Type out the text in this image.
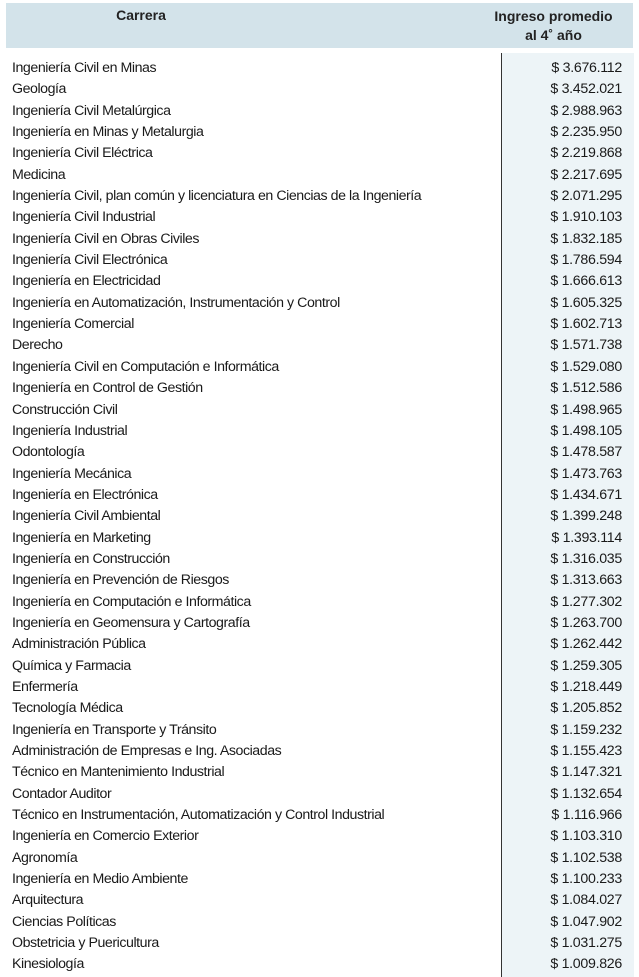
Carrera	Ingreso promedio
al 4˚ año
Ingeniería Civil en Minas	$ 3.676.112
Geología	$ 3.452.021
Ingeniería Civil Metalúrgica	$ 2.988.963
Ingeniería en Minas y Metalurgia	$ 2.235.950
Ingeniería Civil Eléctrica	$ 2.219.868
Medicina	$ 2.217.695
Ingeniería Civil, plan común y licenciatura en Ciencias de la Ingeniería	$ 2.071.295
Ingeniería Civil Industrial	$ 1.910.103
Ingeniería Civil en Obras Civiles	$ 1.832.185
Ingeniería Civil Electrónica	$ 1.786.594
Ingeniería en Electricidad	$ 1.666.613
Ingeniería en Automatización, Instrumentación y Control	$ 1.605.325
Ingeniería Comercial	$ 1.602.713
Derecho	$ 1.571.738
Ingeniería Civil en Computación e Informática	$ 1.529.080
Ingeniería en Control de Gestión	$ 1.512.586
Construcción Civil	$ 1.498.965
Ingeniería Industrial	$ 1.498.105
Odontología	$ 1.478.587
Ingeniería Mecánica	$ 1.473.763
Ingeniería en Electrónica	$ 1.434.671
Ingeniería Civil Ambiental	$ 1.399.248
Ingeniería en Marketing	$ 1.393.114
Ingeniería en Construcción	$ 1.316.035
Ingeniería en Prevención de Riesgos	$ 1.313.663
Ingeniería en Computación e Informática	$ 1.277.302
Ingeniería en Geomensura y Cartografía	$ 1.263.700
Administración Pública	$ 1.262.442
Química y Farmacia	$ 1.259.305
Enfermería	$ 1.218.449
Tecnología Médica	$ 1.205.852
Ingeniería en Transporte y Tránsito	$ 1.159.232
Administración de Empresas e Ing. Asociadas	$ 1.155.423
Técnico en Mantenimiento Industrial	$ 1.147.321
Contador Auditor	$ 1.132.654
Técnico en Instrumentación, Automatización y Control Industrial	$ 1.116.966
Ingeniería en Comercio Exterior	$ 1.103.310
Agronomía	$ 1.102.538
Ingeniería en Medio Ambiente	$ 1.100.233
Arquitectura	$ 1.084.027
Ciencias Políticas	$ 1.047.902
Obstetricia y Puericultura	$ 1.031.275
Kinesiología	$ 1.009.826
